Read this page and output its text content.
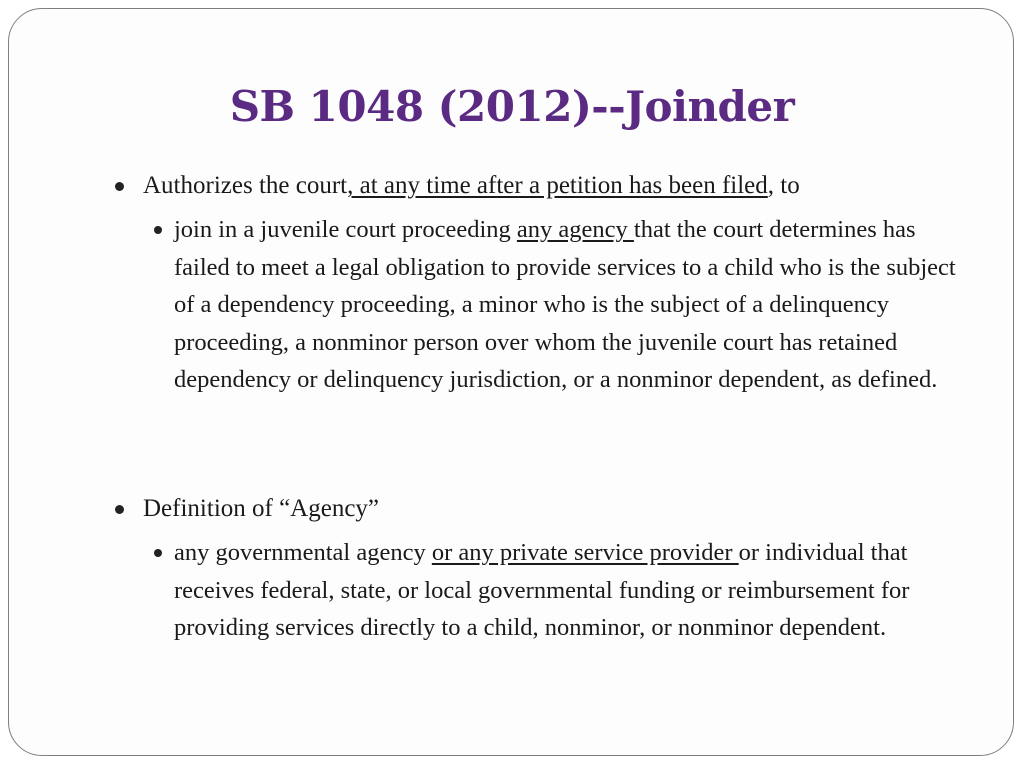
SB 1048 (2012)--Joinder
Authorizes the court, at any time after a petition has been filed, to
join in a juvenile court proceeding any agency that the court determines has failed to meet a legal obligation to provide services to a child who is the subject of a dependency proceeding, a minor who is the subject of a delinquency proceeding, a nonminor person over whom the juvenile court has retained dependency or delinquency jurisdiction, or a nonminor dependent, as defined.
Definition of “Agency”
any governmental agency or any private service provider or individual that receives federal, state, or local governmental funding or reimbursement for providing services directly to a child, nonminor, or nonminor dependent.
